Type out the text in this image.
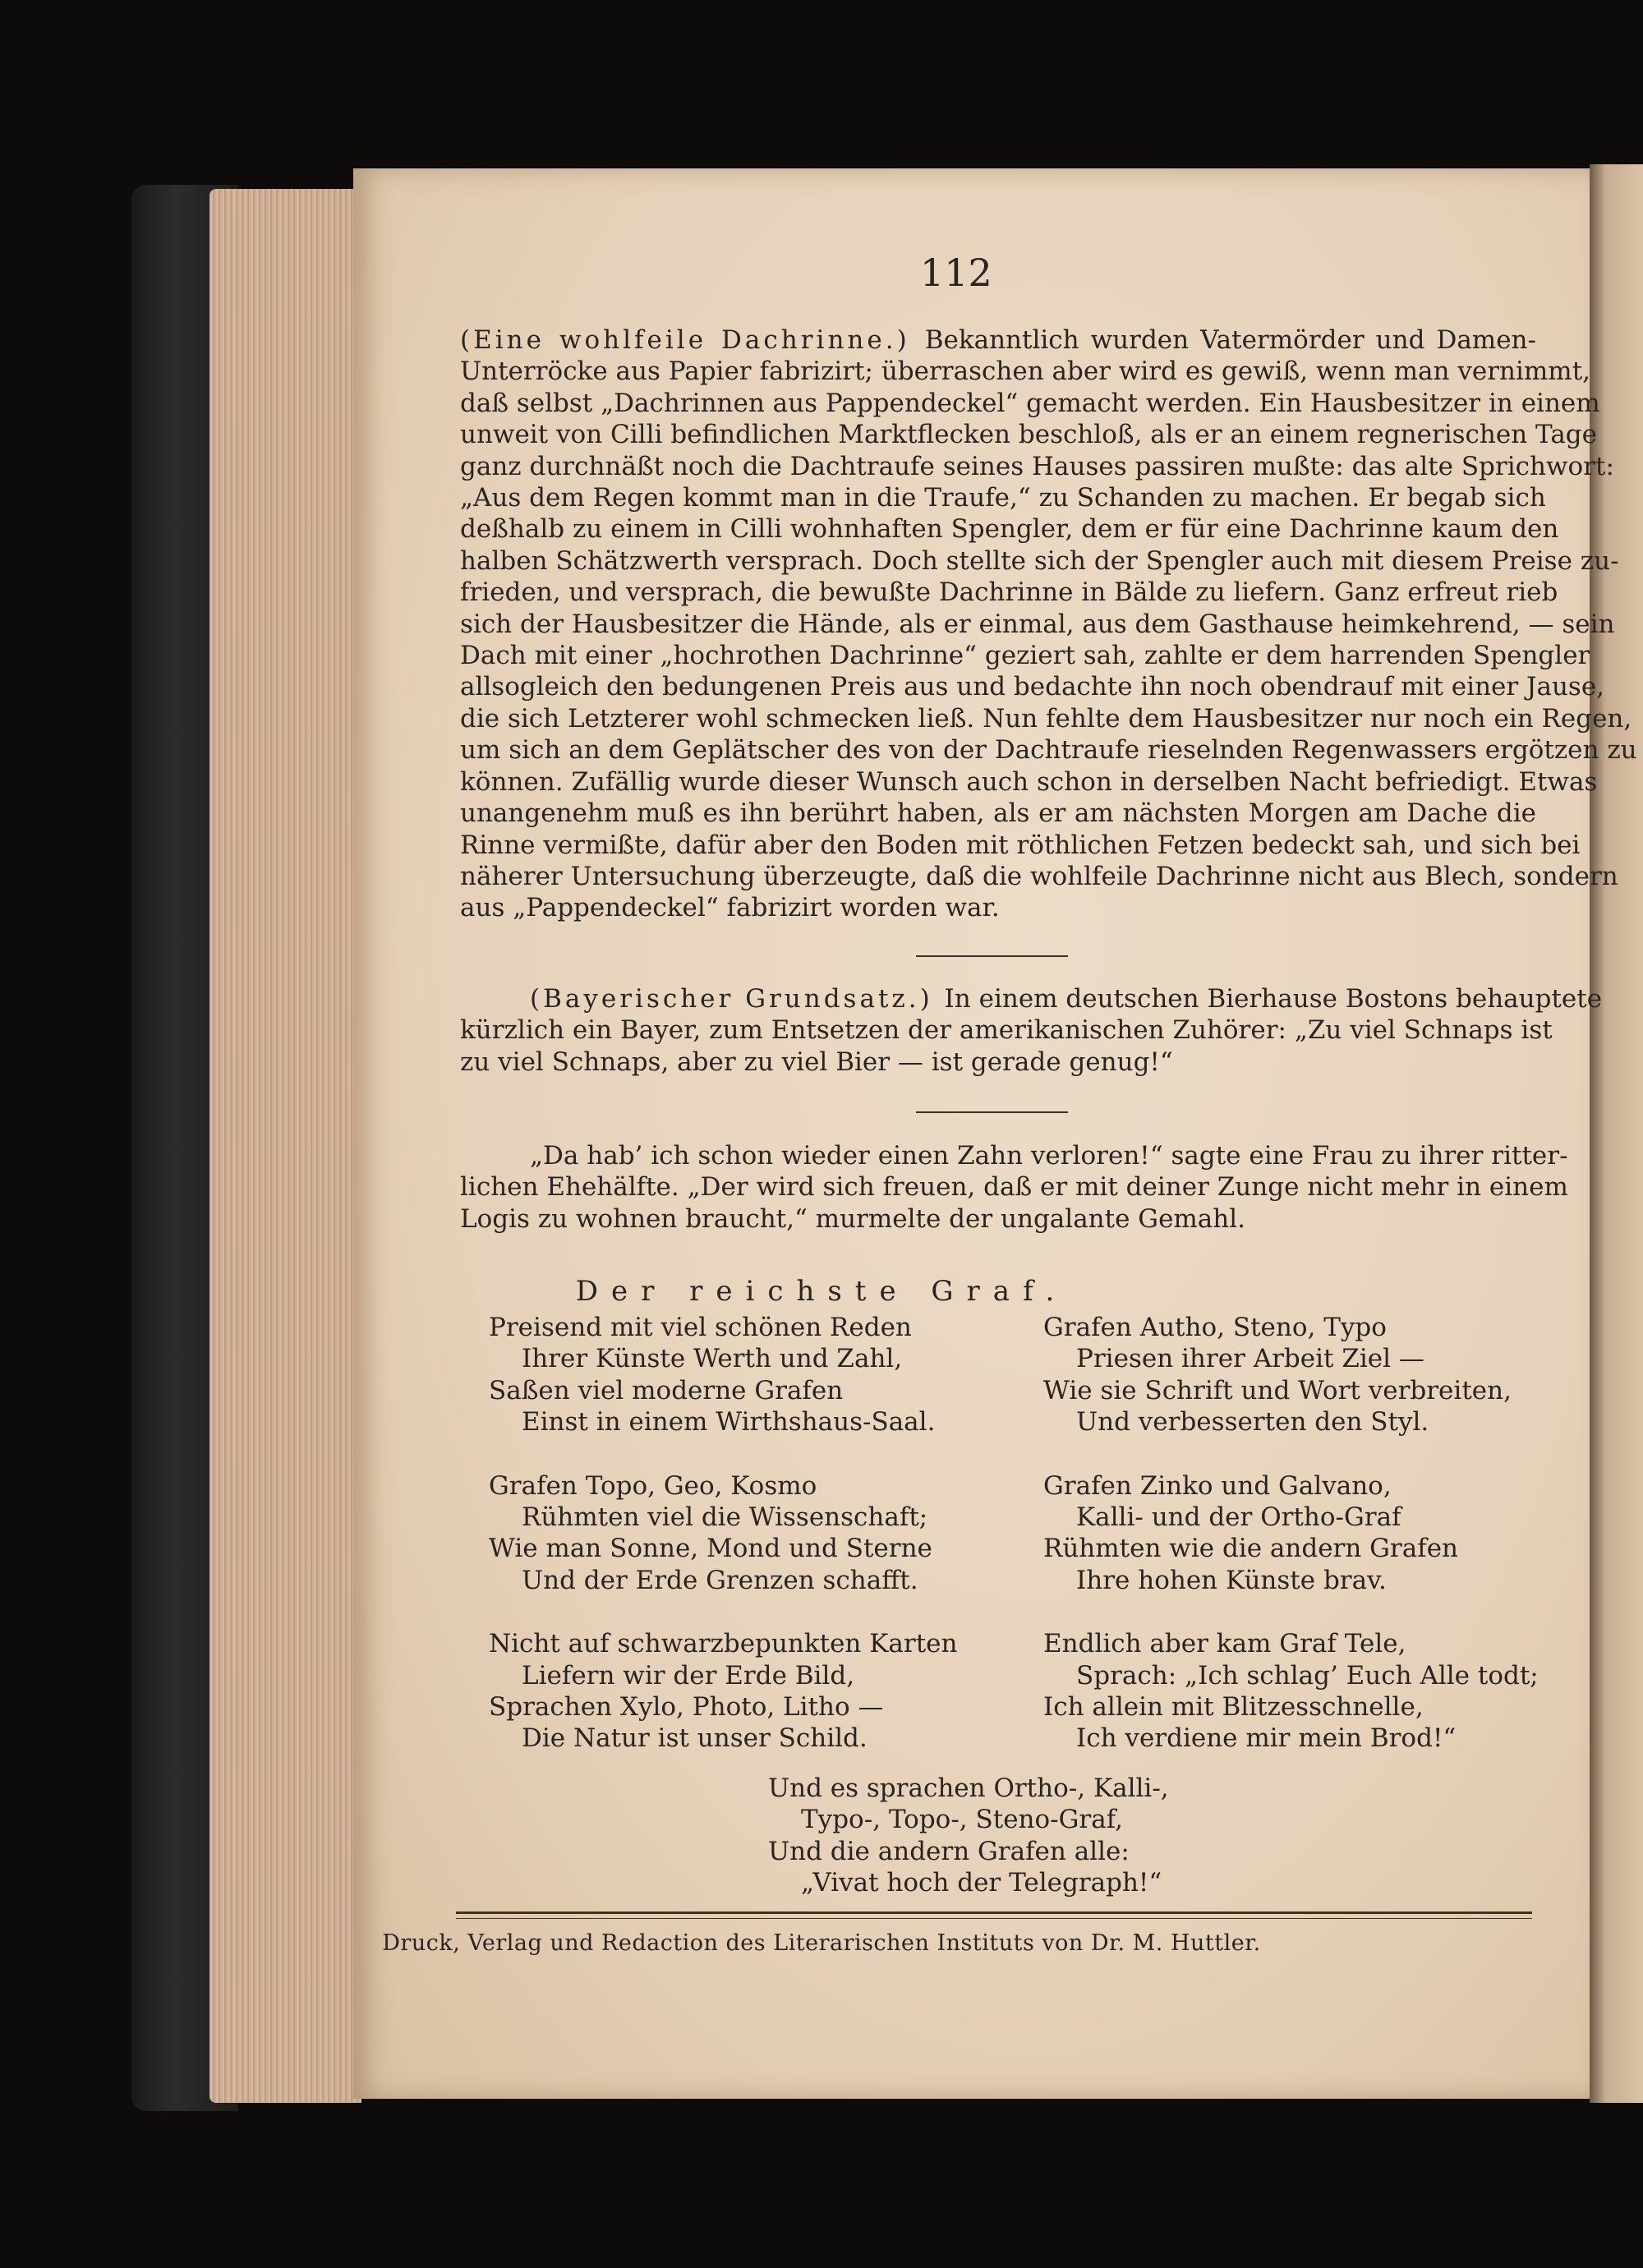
112
(Eine wohlfeile Dachrinne.) Bekanntlich wurden Vatermörder und Damen-
Unterröcke aus Papier fabrizirt; überraschen aber wird es gewiß, wenn man vernimmt,
daß selbst „Dachrinnen aus Pappendeckel“ gemacht werden. Ein Hausbesitzer in einem
unweit von Cilli befindlichen Marktflecken beschloß, als er an einem regnerischen Tage
ganz durchnäßt noch die Dachtraufe seines Hauses passiren mußte: das alte Sprichwort:
„Aus dem Regen kommt man in die Traufe,“ zu Schanden zu machen. Er begab sich
deßhalb zu einem in Cilli wohnhaften Spengler, dem er für eine Dachrinne kaum den
halben Schätzwerth versprach. Doch stellte sich der Spengler auch mit diesem Preise zu-
frieden, und versprach, die bewußte Dachrinne in Bälde zu liefern. Ganz erfreut rieb
sich der Hausbesitzer die Hände, als er einmal, aus dem Gasthause heimkehrend, — sein
Dach mit einer „hochrothen Dachrinne“ geziert sah, zahlte er dem harrenden Spengler
allsogleich den bedungenen Preis aus und bedachte ihn noch obendrauf mit einer Jause,
die sich Letzterer wohl schmecken ließ. Nun fehlte dem Hausbesitzer nur noch ein Regen,
um sich an dem Geplätscher des von der Dachtraufe rieselnden Regenwassers ergötzen zu
können. Zufällig wurde dieser Wunsch auch schon in derselben Nacht befriedigt. Etwas
unangenehm muß es ihn berührt haben, als er am nächsten Morgen am Dache die
Rinne vermißte, dafür aber den Boden mit röthlichen Fetzen bedeckt sah, und sich bei
näherer Untersuchung überzeugte, daß die wohlfeile Dachrinne nicht aus Blech, sondern
aus „Pappendeckel“ fabrizirt worden war.
(Bayerischer Grundsatz.) In einem deutschen Bierhause Bostons behauptete
kürzlich ein Bayer, zum Entsetzen der amerikanischen Zuhörer: „Zu viel Schnaps ist
zu viel Schnaps, aber zu viel Bier — ist gerade genug!“
„Da hab’ ich schon wieder einen Zahn verloren!“ sagte eine Frau zu ihrer ritter-
lichen Ehehälfte. „Der wird sich freuen, daß er mit deiner Zunge nicht mehr in einem
Logis zu wohnen braucht,“ murmelte der ungalante Gemahl.
Der reichste Graf.
Preisend mit viel schönen Reden
Ihrer Künste Werth und Zahl,
Saßen viel moderne Grafen
Einst in einem Wirthshaus-Saal.
Grafen Topo, Geo, Kosmo
Rühmten viel die Wissenschaft;
Wie man Sonne, Mond und Sterne
Und der Erde Grenzen schafft.
Nicht auf schwarzbepunkten Karten
Liefern wir der Erde Bild,
Sprachen Xylo, Photo, Litho —
Die Natur ist unser Schild.
Grafen Autho, Steno, Typo
Priesen ihrer Arbeit Ziel —
Wie sie Schrift und Wort verbreiten,
Und verbesserten den Styl.
Grafen Zinko und Galvano,
Kalli- und der Ortho-Graf
Rühmten wie die andern Grafen
Ihre hohen Künste brav.
Endlich aber kam Graf Tele,
Sprach: „Ich schlag’ Euch Alle todt;
Ich allein mit Blitzesschnelle,
Ich verdiene mir mein Brod!“
Und es sprachen Ortho-, Kalli-,
Typo-, Topo-, Steno-Graf,
Und die andern Grafen alle:
„Vivat hoch der Telegraph!“
Druck, Verlag und Redaction des Literarischen Instituts von Dr. M. Huttler.
